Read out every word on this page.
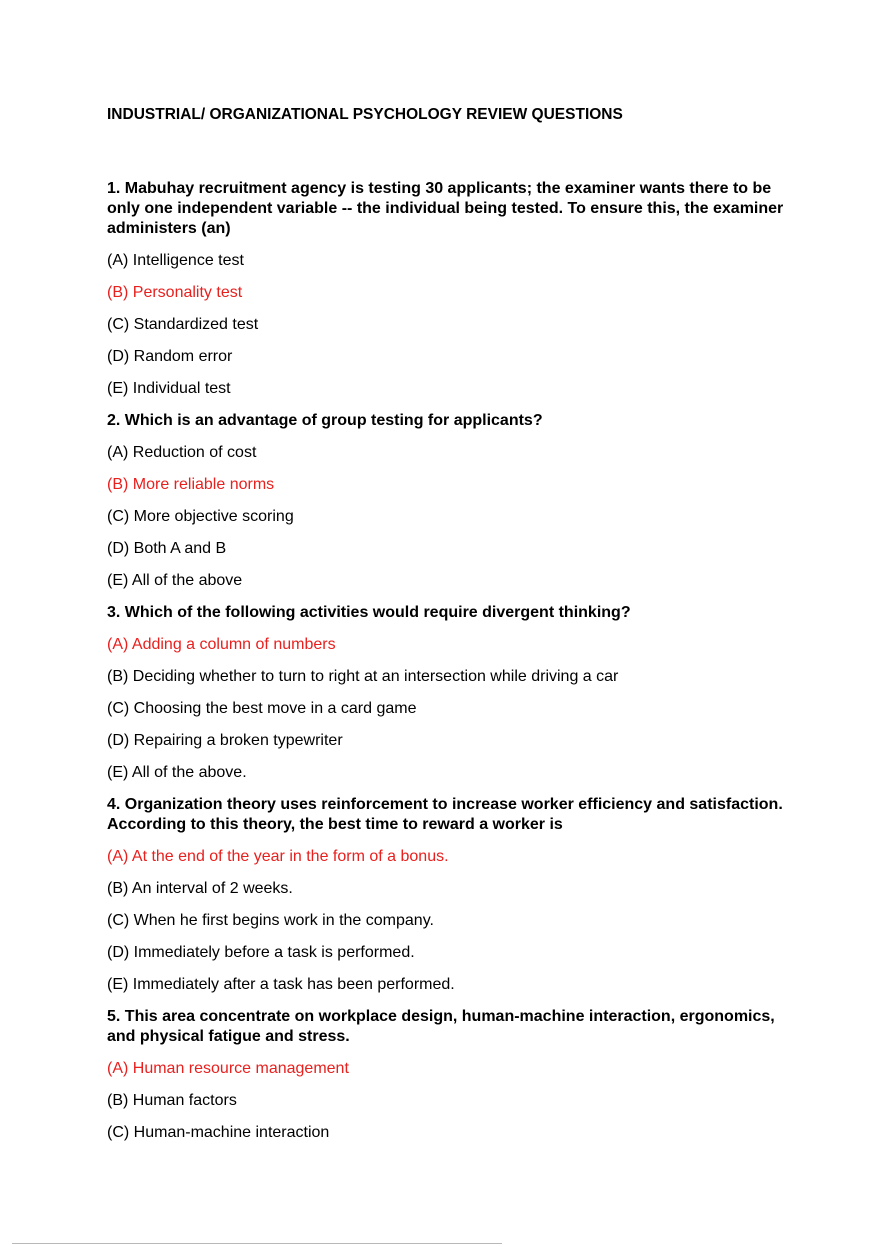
INDUSTRIAL/ ORGANIZATIONAL PSYCHOLOGY REVIEW QUESTIONS

1. Mabuhay recruitment agency is testing 30 applicants; the examiner wants there to be only one independent variable -- the individual being tested. To ensure this, the examiner administers (an)

(A) Intelligence test

(B) Personality test

(C) Standardized test

(D) Random error

(E) Individual test

2. Which is an advantage of group testing for applicants?

(A) Reduction of cost

(B) More reliable norms

(C) More objective scoring

(D) Both A and B

(E) All of the above

3. Which of the following activities would require divergent thinking?

(A) Adding a column of numbers

(B) Deciding whether to turn to right at an intersection while driving a car

(C) Choosing the best move in a card game

(D) Repairing a broken typewriter

(E) All of the above.

4. Organization theory uses reinforcement to increase worker efficiency and satisfaction. According to this theory, the best time to reward a worker is

(A) At the end of the year in the form of a bonus.

(B) An interval of 2 weeks.

(C) When he first begins work in the company.

(D) Immediately before a task is performed.

(E) Immediately after a task has been performed.

5. This area concentrate on workplace design, human-machine interaction, ergonomics, and physical fatigue and stress.

(A) Human resource management

(B) Human factors

(C) Human-machine interaction
